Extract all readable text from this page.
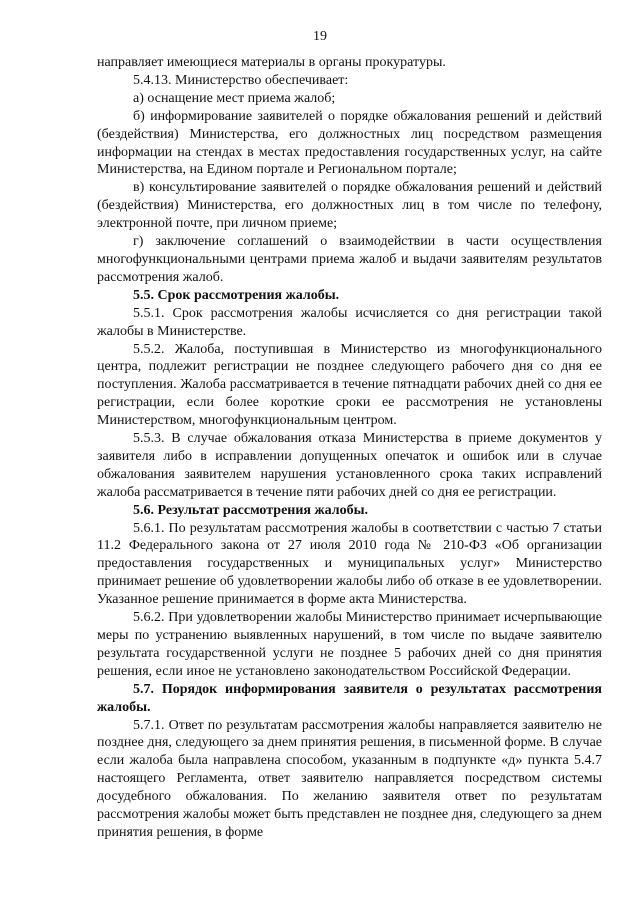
19

направляет имеющиеся материалы в органы прокуратуры.

5.4.13. Министерство обеспечивает:

а) оснащение мест приема жалоб;

б) информирование заявителей о порядке обжалования решений и действий (бездействия) Министерства, его должностных лиц посредством размещения информации на стендах в местах предоставления государственных услуг, на сайте Министерства, на Едином портале и Региональном портале;

в) консультирование заявителей о порядке обжалования решений и действий (бездействия) Министерства, его должностных лиц в том числе по телефону, электронной почте, при личном приеме;

г) заключение соглашений о взаимодействии в части осуществления многофункциональными центрами приема жалоб и выдачи заявителям результатов рассмотрения жалоб.

5.5. Срок рассмотрения жалобы.

5.5.1. Срок рассмотрения жалобы исчисляется со дня регистрации такой жалобы в Министерстве.

5.5.2. Жалоба, поступившая в Министерство из многофункционального центра, подлежит регистрации не позднее следующего рабочего дня со дня ее поступления. Жалоба рассматривается в течение пятнадцати рабочих дней со дня ее регистрации, если более короткие сроки ее рассмотрения не установлены Министерством, многофункциональным центром.

5.5.3. В случае обжалования отказа Министерства в приеме документов у заявителя либо в исправлении допущенных опечаток и ошибок или в случае обжалования заявителем нарушения установленного срока таких исправлений жалоба рассматривается в течение пяти рабочих дней со дня ее регистрации.

5.6. Результат рассмотрения жалобы.

5.6.1. По результатам рассмотрения жалобы в соответствии с частью 7 статьи 11.2 Федерального закона от 27 июля 2010 года № 210-ФЗ «Об организации предоставления государственных и муниципальных услуг» Министерство принимает решение об удовлетворении жалобы либо об отказе в ее удовлетворении. Указанное решение принимается в форме акта Министерства.

5.6.2. При удовлетворении жалобы Министерство принимает исчерпывающие меры по устранению выявленных нарушений, в том числе по выдаче заявителю результата государственной услуги не позднее 5 рабочих дней со дня принятия решения, если иное не установлено законодательством Российской Федерации.

5.7. Порядок информирования заявителя о результатах рассмотрения жалобы.

5.7.1. Ответ по результатам рассмотрения жалобы направляется заявителю не позднее дня, следующего за днем принятия решения, в письменной форме. В случае если жалоба была направлена способом, указанным в подпункте «д» пункта 5.4.7 настоящего Регламента, ответ заявителю направляется посредством системы досудебного обжалования. По желанию заявителя ответ по результатам рассмотрения жалобы может быть представлен не позднее дня, следующего за днем принятия решения, в форме
